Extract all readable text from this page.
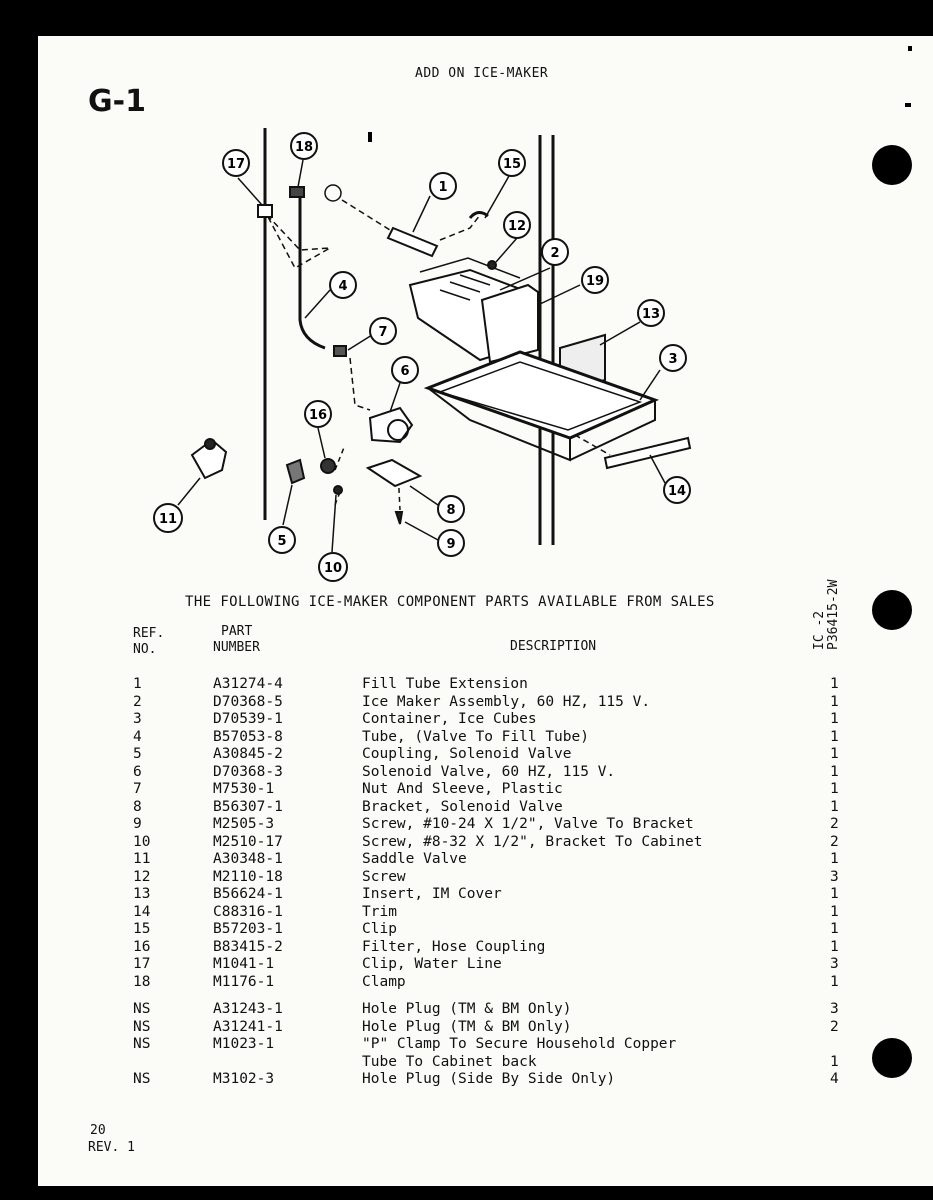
G-1
ADD ON ICE-MAKER
1
2
3
4
5
6
7
8
9
10
11
12
13
14
15
16
17
18
19
IC -2 P36415-2W
THE FOLLOWING ICE-MAKER COMPONENT PARTS AVAILABLE FROM SALES
REF.
NO.
PART
NUMBER	DESCRIPTION
1	A31274-4	Fill Tube Extension	1
2	D70368-5	Ice Maker Assembly, 60 HZ, 115 V.	1
3	D70539-1	Container, Ice Cubes	1
4	B57053-8	Tube, (Valve To Fill Tube)	1
5	A30845-2	Coupling, Solenoid Valve	1
6	D70368-3	Solenoid Valve, 60 HZ, 115 V.	1
7	M7530-1	Nut And Sleeve, Plastic	1
8	B56307-1	Bracket, Solenoid Valve	1
9	M2505-3	Screw, #10-24 X 1/2", Valve To Bracket	2
10	M2510-17	Screw, #8-32 X 1/2", Bracket To Cabinet	2
11	A30348-1	Saddle Valve	1
12	M2110-18	Screw	3
13	B56624-1	Insert, IM Cover	1
14	C88316-1	Trim	1
15	B57203-1	Clip	1
16	B83415-2	Filter, Hose Coupling	1
17	M1041-1	Clip, Water Line	3
18	M1176-1	Clamp	1
NS	A31243-1	Hole Plug (TM & BM Only)	3
NS	A31241-1	Hole Plug (TM & BM Only)	2
NS	M1023-1	"P" Clamp To Secure Household Copper
Tube To Cabinet back	1
NS	M3102-3	Hole Plug (Side By Side Only)	4
20
REV. 1
